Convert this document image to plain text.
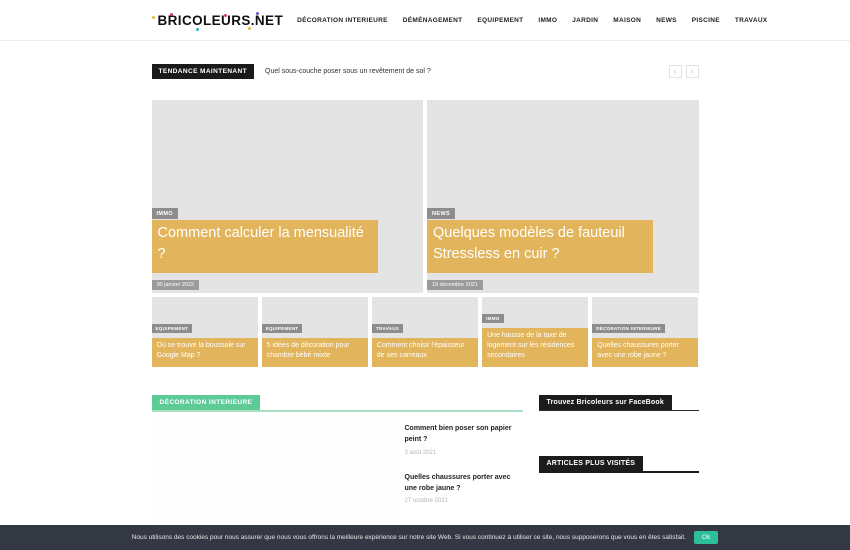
BRICOLEURS.NET DÉCORATION INTERIEURE DÉMÉNAGEMENT EQUIPEMENT IMMO JARDIN MAISON NEWS PISCINE TRAVAUX
TENDANCE MAINTENANT	Quel sous-couche poser sous un revêtement de sol ?	‹	›
IMMO
Comment calculer la mensualité ?
30 janvier 2022
NEWS
Quelques modèles de fauteuil Stressless en cuir ?
19 décembre 2021
EQUIPEMENT
Où se trouve la boussole sur Google Map ?
EQUIPEMENT
5 idées de décoration pour chambre bébé mixte
TRAVAUX
Comment choisir l'épaisseur de ses carreaux
IMMO
Une hausse de la taxe de logement sur les résidences secondaires
DÉCORATION INTERIEURE
Quelles chaussures porter avec une robe jaune ?
DÉCORATION INTERIEURE
Comment bien poser son papier peint ?
3 août 2021
Quelles chaussures porter avec une robe jaune ?
27 octobre 2021
Trouvez Bricoleurs sur FaceBook
ARTICLES PLUS VISITÉS
Nous utilisons des cookies pour nous assurer que nous vous offrons la meilleure expérience sur notre site Web. Si vous continuez à utiliser ce site, nous supposerons que vous en êtes satisfait.	Ok
